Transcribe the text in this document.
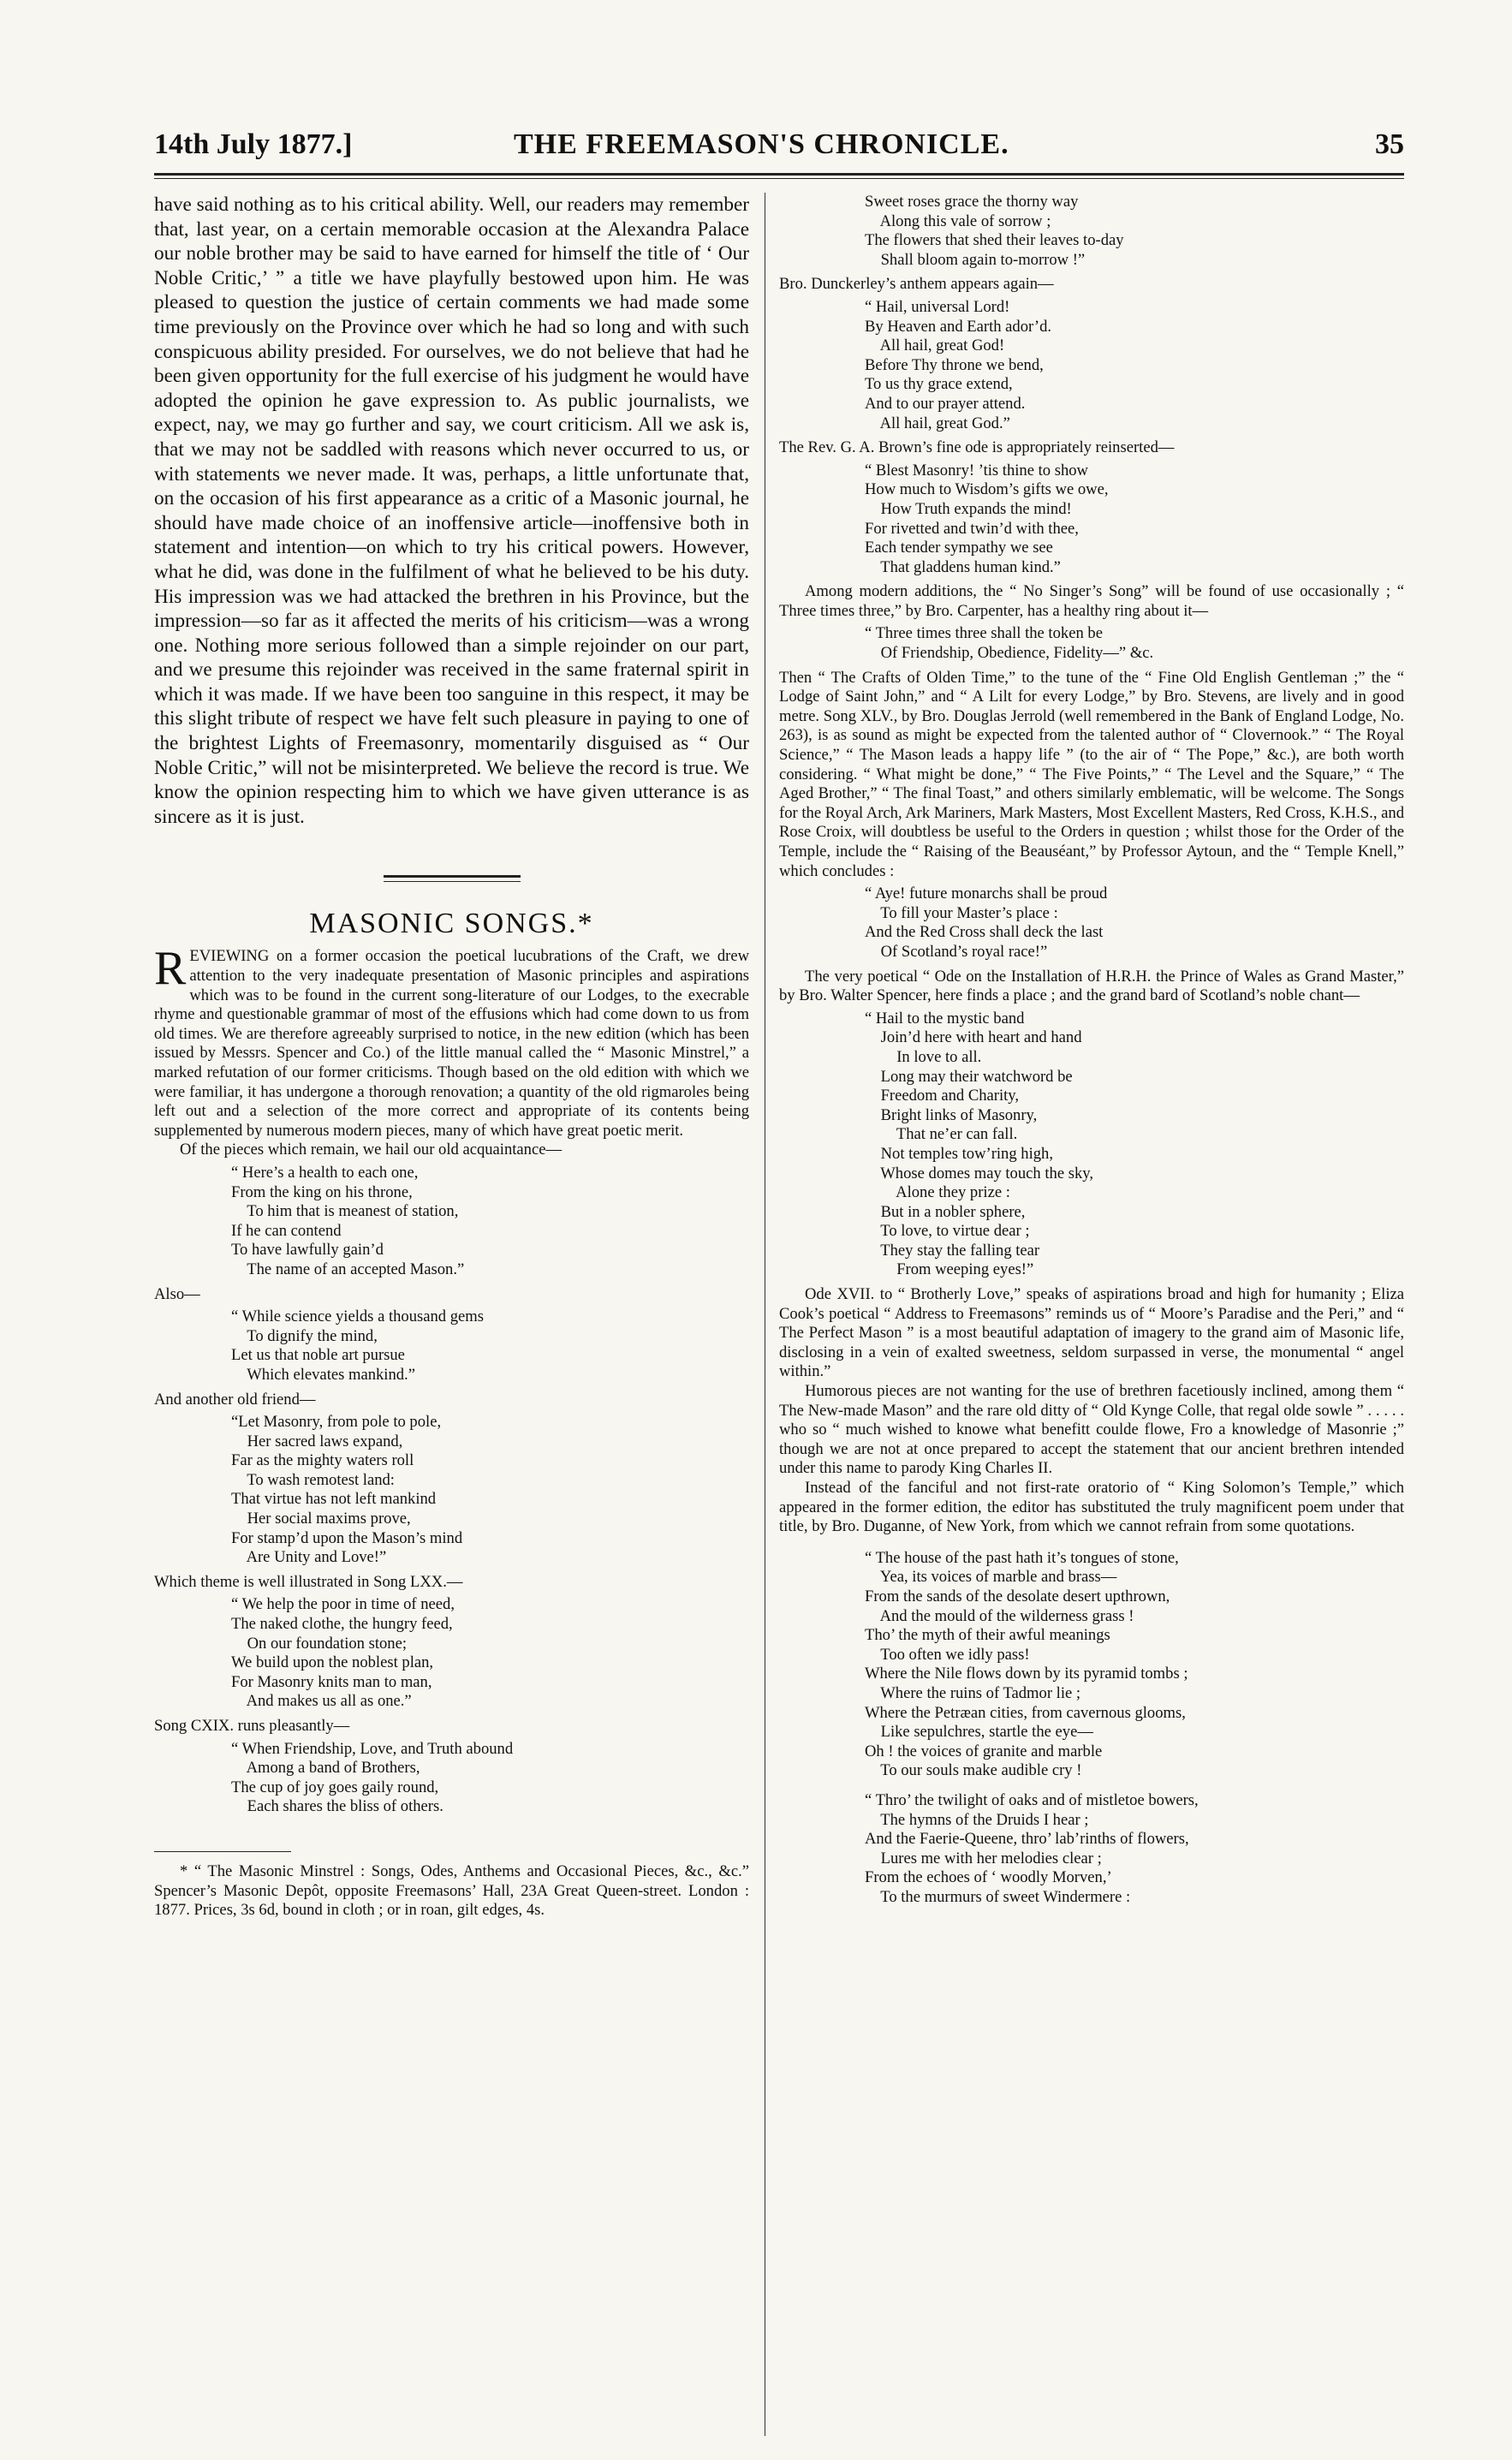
14th July 1877.]	THE FREEMASON'S CHRONICLE.	35

have said nothing as to his critical ability. Well, our readers may remember that, last year, on a certain memorable occasion at the Alexandra Palace our noble brother may be said to have earned for himself the title of ‘ Our Noble Critic,’ ” a title we have playfully bestowed upon him. He was pleased to question the justice of certain comments we had made some time previously on the Province over which he had so long and with such conspicuous ability presided. For ourselves, we do not believe that had he been given opportunity for the full exercise of his judgment he would have adopted the opinion he gave expression to. As public journalists, we expect, nay, we may go further and say, we court criticism. All we ask is, that we may not be saddled with reasons which never occurred to us, or with statements we never made. It was, perhaps, a little unfortunate that, on the occasion of his first appearance as a critic of a Masonic journal, he should have made choice of an inoffensive article—inoffensive both in statement and intention—on which to try his critical powers. However, what he did, was done in the fulfilment of what he believed to be his duty. His impression was we had attacked the brethren in his Province, but the impression—so far as it affected the merits of his criticism—was a wrong one. Nothing more serious followed than a simple rejoinder on our part, and we presume this rejoinder was received in the same fraternal spirit in which it was made. If we have been too sanguine in this respect, it may be this slight tribute of respect we have felt such pleasure in paying to one of the brightest Lights of Freemasonry, momentarily disguised as “ Our Noble Critic,” will not be misinterpreted. We believe the record is true. We know the opinion respecting him to which we have given utterance is as sincere as it is just.

MASONIC SONGS.*

REVIEWING on a former occasion the poetical lucubrations of the Craft, we drew attention to the very inadequate presentation of Masonic principles and aspirations which was to be found in the current song-literature of our Lodges, to the execrable rhyme and questionable grammar of most of the effusions which had come down to us from old times. We are therefore agreeably surprised to notice, in the new edition (which has been issued by Messrs. Spencer and Co.) of the little manual called the “ Masonic Minstrel,” a marked refutation of our former criticisms. Though based on the old edition with which we were familiar, it has undergone a thorough renovation; a quantity of the old rigmaroles being left out and a selection of the more correct and appropriate of its contents being supplemented by numerous modern pieces, many of which have great poetic merit.

Of the pieces which remain, we hail our old acquaintance—

“ Here’s a health to each one,
From the king on his throne,
To him that is meanest of station,
If he can contend
To have lawfully gain’d
The name of an accepted Mason.”

Also—

“ While science yields a thousand gems
To dignify the mind,
Let us that noble art pursue
Which elevates mankind.”

And another old friend—

“Let Masonry, from pole to pole,
Her sacred laws expand,
Far as the mighty waters roll
To wash remotest land:
That virtue has not left mankind
Her social maxims prove,
For stamp’d upon the Mason’s mind
Are Unity and Love!”

Which theme is well illustrated in Song LXX.—

“ We help the poor in time of need,
The naked clothe, the hungry feed,
On our foundation stone;
We build upon the noblest plan,
For Masonry knits man to man,
And makes us all as one.”

Song CXIX. runs pleasantly—

“ When Friendship, Love, and Truth abound
Among a band of Brothers,
The cup of joy goes gaily round,
Each shares the bliss of others.

* “ The Masonic Minstrel : Songs, Odes, Anthems and Occasional Pieces, &c., &c.” Spencer’s Masonic Depôt, opposite Freemasons’ Hall, 23A Great Queen-street. London : 1877. Prices, 3s 6d, bound in cloth ; or in roan, gilt edges, 4s.

Sweet roses grace the thorny way
Along this vale of sorrow ;
The flowers that shed their leaves to-day
Shall bloom again to-morrow !”

Bro. Dunckerley’s anthem appears again—

“ Hail, universal Lord!
By Heaven and Earth ador’d.
All hail, great God!
Before Thy throne we bend,
To us thy grace extend,
And to our prayer attend.
All hail, great God.”

The Rev. G. A. Brown’s fine ode is appropriately reinserted—

“ Blest Masonry! ’tis thine to show
How much to Wisdom’s gifts we owe,
How Truth expands the mind!
For rivetted and twin’d with thee,
Each tender sympathy we see
That gladdens human kind.”

Among modern additions, the “ No Singer’s Song” will be found of use occasionally ; “ Three times three,” by Bro. Carpenter, has a healthy ring about it—

“ Three times three shall the token be
Of Friendship, Obedience, Fidelity—” &c.

Then “ The Crafts of Olden Time,” to the tune of the “ Fine Old English Gentleman ;” the “ Lodge of Saint John,” and “ A Lilt for every Lodge,” by Bro. Stevens, are lively and in good metre. Song XLV., by Bro. Douglas Jerrold (well remembered in the Bank of England Lodge, No. 263), is as sound as might be expected from the talented author of “ Clovernook.” “ The Royal Science,” “ The Mason leads a happy life ” (to the air of “ The Pope,” &c.), are both worth considering. “ What might be done,” “ The Five Points,” “ The Level and the Square,” “ The Aged Brother,” “ The final Toast,” and others similarly emblematic, will be welcome. The Songs for the Royal Arch, Ark Mariners, Mark Masters, Most Excellent Masters, Red Cross, K.H.S., and Rose Croix, will doubtless be useful to the Orders in question ; whilst those for the Order of the Temple, include the “ Raising of the Beauséant,” by Professor Aytoun, and the “ Temple Knell,” which concludes :

“ Aye! future monarchs shall be proud
To fill your Master’s place :
And the Red Cross shall deck the last
Of Scotland’s royal race!”

The very poetical “ Ode on the Installation of H.R.H. the Prince of Wales as Grand Master,” by Bro. Walter Spencer, here finds a place ; and the grand bard of Scotland’s noble chant—

“ Hail to the mystic band
Join’d here with heart and hand
In love to all.
Long may their watchword be
Freedom and Charity,
Bright links of Masonry,
That ne’er can fall.
Not temples tow’ring high,
Whose domes may touch the sky,
Alone they prize :
But in a nobler sphere,
To love, to virtue dear ;
They stay the falling tear
From weeping eyes!”

Ode XVII. to “ Brotherly Love,” speaks of aspirations broad and high for humanity ; Eliza Cook’s poetical “ Address to Freemasons” reminds us of “ Moore’s Paradise and the Peri,” and “ The Perfect Mason ” is a most beautiful adaptation of imagery to the grand aim of Masonic life, disclosing in a vein of exalted sweetness, seldom surpassed in verse, the monumental “ angel within.”

Humorous pieces are not wanting for the use of brethren facetiously inclined, among them “ The New-made Mason” and the rare old ditty of “ Old Kynge Colle, that regal olde sowle ” . . . . . who so “ much wished to knowe what benefitt coulde flowe, Fro a knowledge of Masonrie ;” though we are not at once prepared to accept the statement that our ancient brethren intended under this name to parody King Charles II.

Instead of the fanciful and not first-rate oratorio of “ King Solomon’s Temple,” which appeared in the former edition, the editor has substituted the truly magnificent poem under that title, by Bro. Duganne, of New York, from which we cannot refrain from some quotations.

“ The house of the past hath it’s tongues of stone,
Yea, its voices of marble and brass—
From the sands of the desolate desert upthrown,
And the mould of the wilderness grass !
Tho’ the myth of their awful meanings
Too often we idly pass!
Where the Nile flows down by its pyramid tombs ;
Where the ruins of Tadmor lie ;
Where the Petræan cities, from cavernous glooms,
Like sepulchres, startle the eye—
Oh ! the voices of granite and marble
To our souls make audible cry !
“ Thro’ the twilight of oaks and of mistletoe bowers,
The hymns of the Druids I hear ;
And the Faerie-Queene, thro’ lab’rinths of flowers,
Lures me with her melodies clear ;
From the echoes of ‘ woodly Morven,’
To the murmurs of sweet Windermere :
